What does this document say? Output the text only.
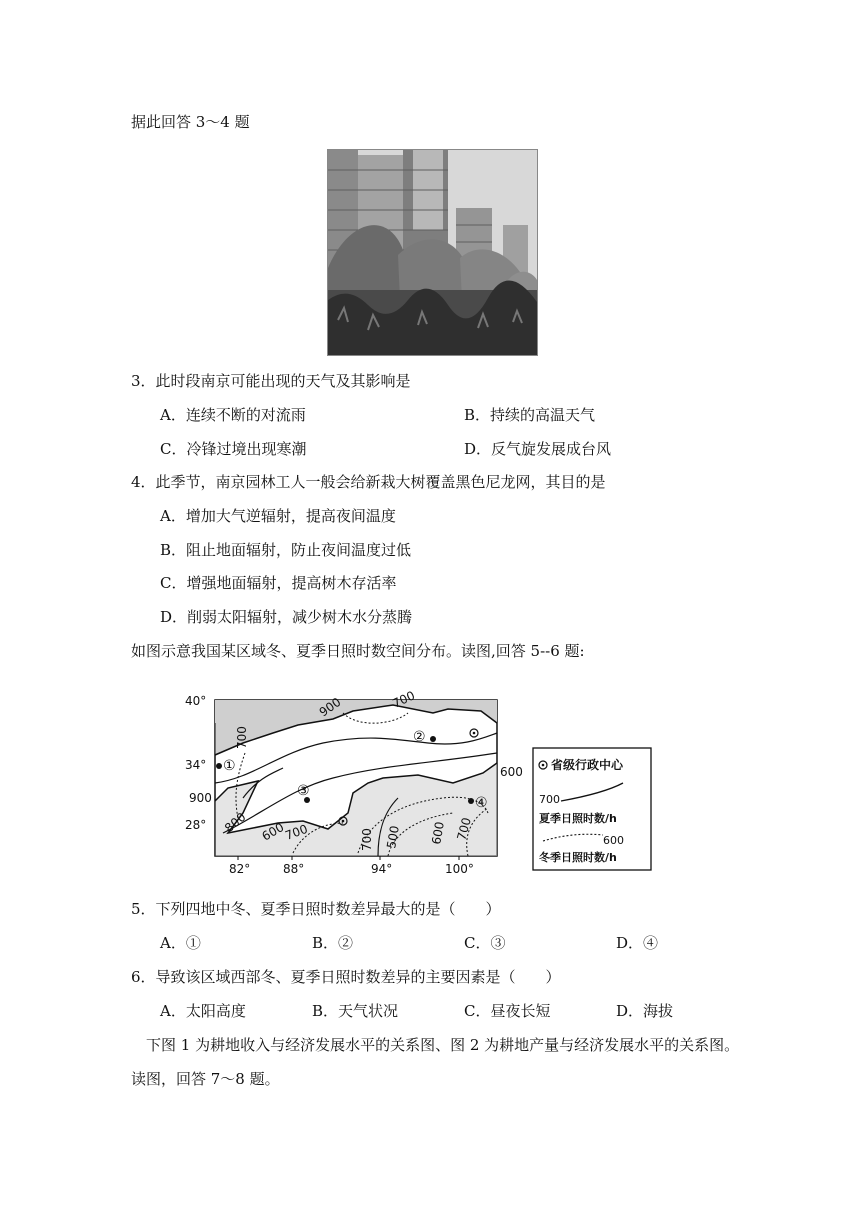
据此回答 3～4 题
3．此时段南京可能出现的天气及其影响是
A．连续不断的对流雨	B．持续的高温天气
C．冷锋过境出现寒潮	D．反气旋发展成台风
4．此季节，南京园林工人一般会给新栽大树覆盖黑色尼龙网，其目的是
A．增加大气逆辐射，提高夜间温度
B．阻止地面辐射，防止夜间温度过低
C．增强地面辐射，提高树木存活率
D．削弱太阳辐射，减少树木水分蒸腾
如图示意我国某区域冬、夏季日照时数空间分布。读图,回答 5--6 题:
40°
34°
28°
82°	88°	94°	100°
900	700
700
900
800 600
700	700 500 600 700
600
①
②
③
④
省级行政中心
700
夏季日照时数/h
600
冬季日照时数/h
5．下列四地中冬、夏季日照时数差异最大的是（　　）
A．①	B．②	C．③	D．④
6．导致该区域西部冬、夏季日照时数差异的主要因素是（　　）
A．太阳高度	B．天气状况	C．昼夜长短	D．海拔
下图 1 为耕地收入与经济发展水平的关系图、图 2 为耕地产量与经济发展水平的关系图。
读图，回答 7～8 题。
